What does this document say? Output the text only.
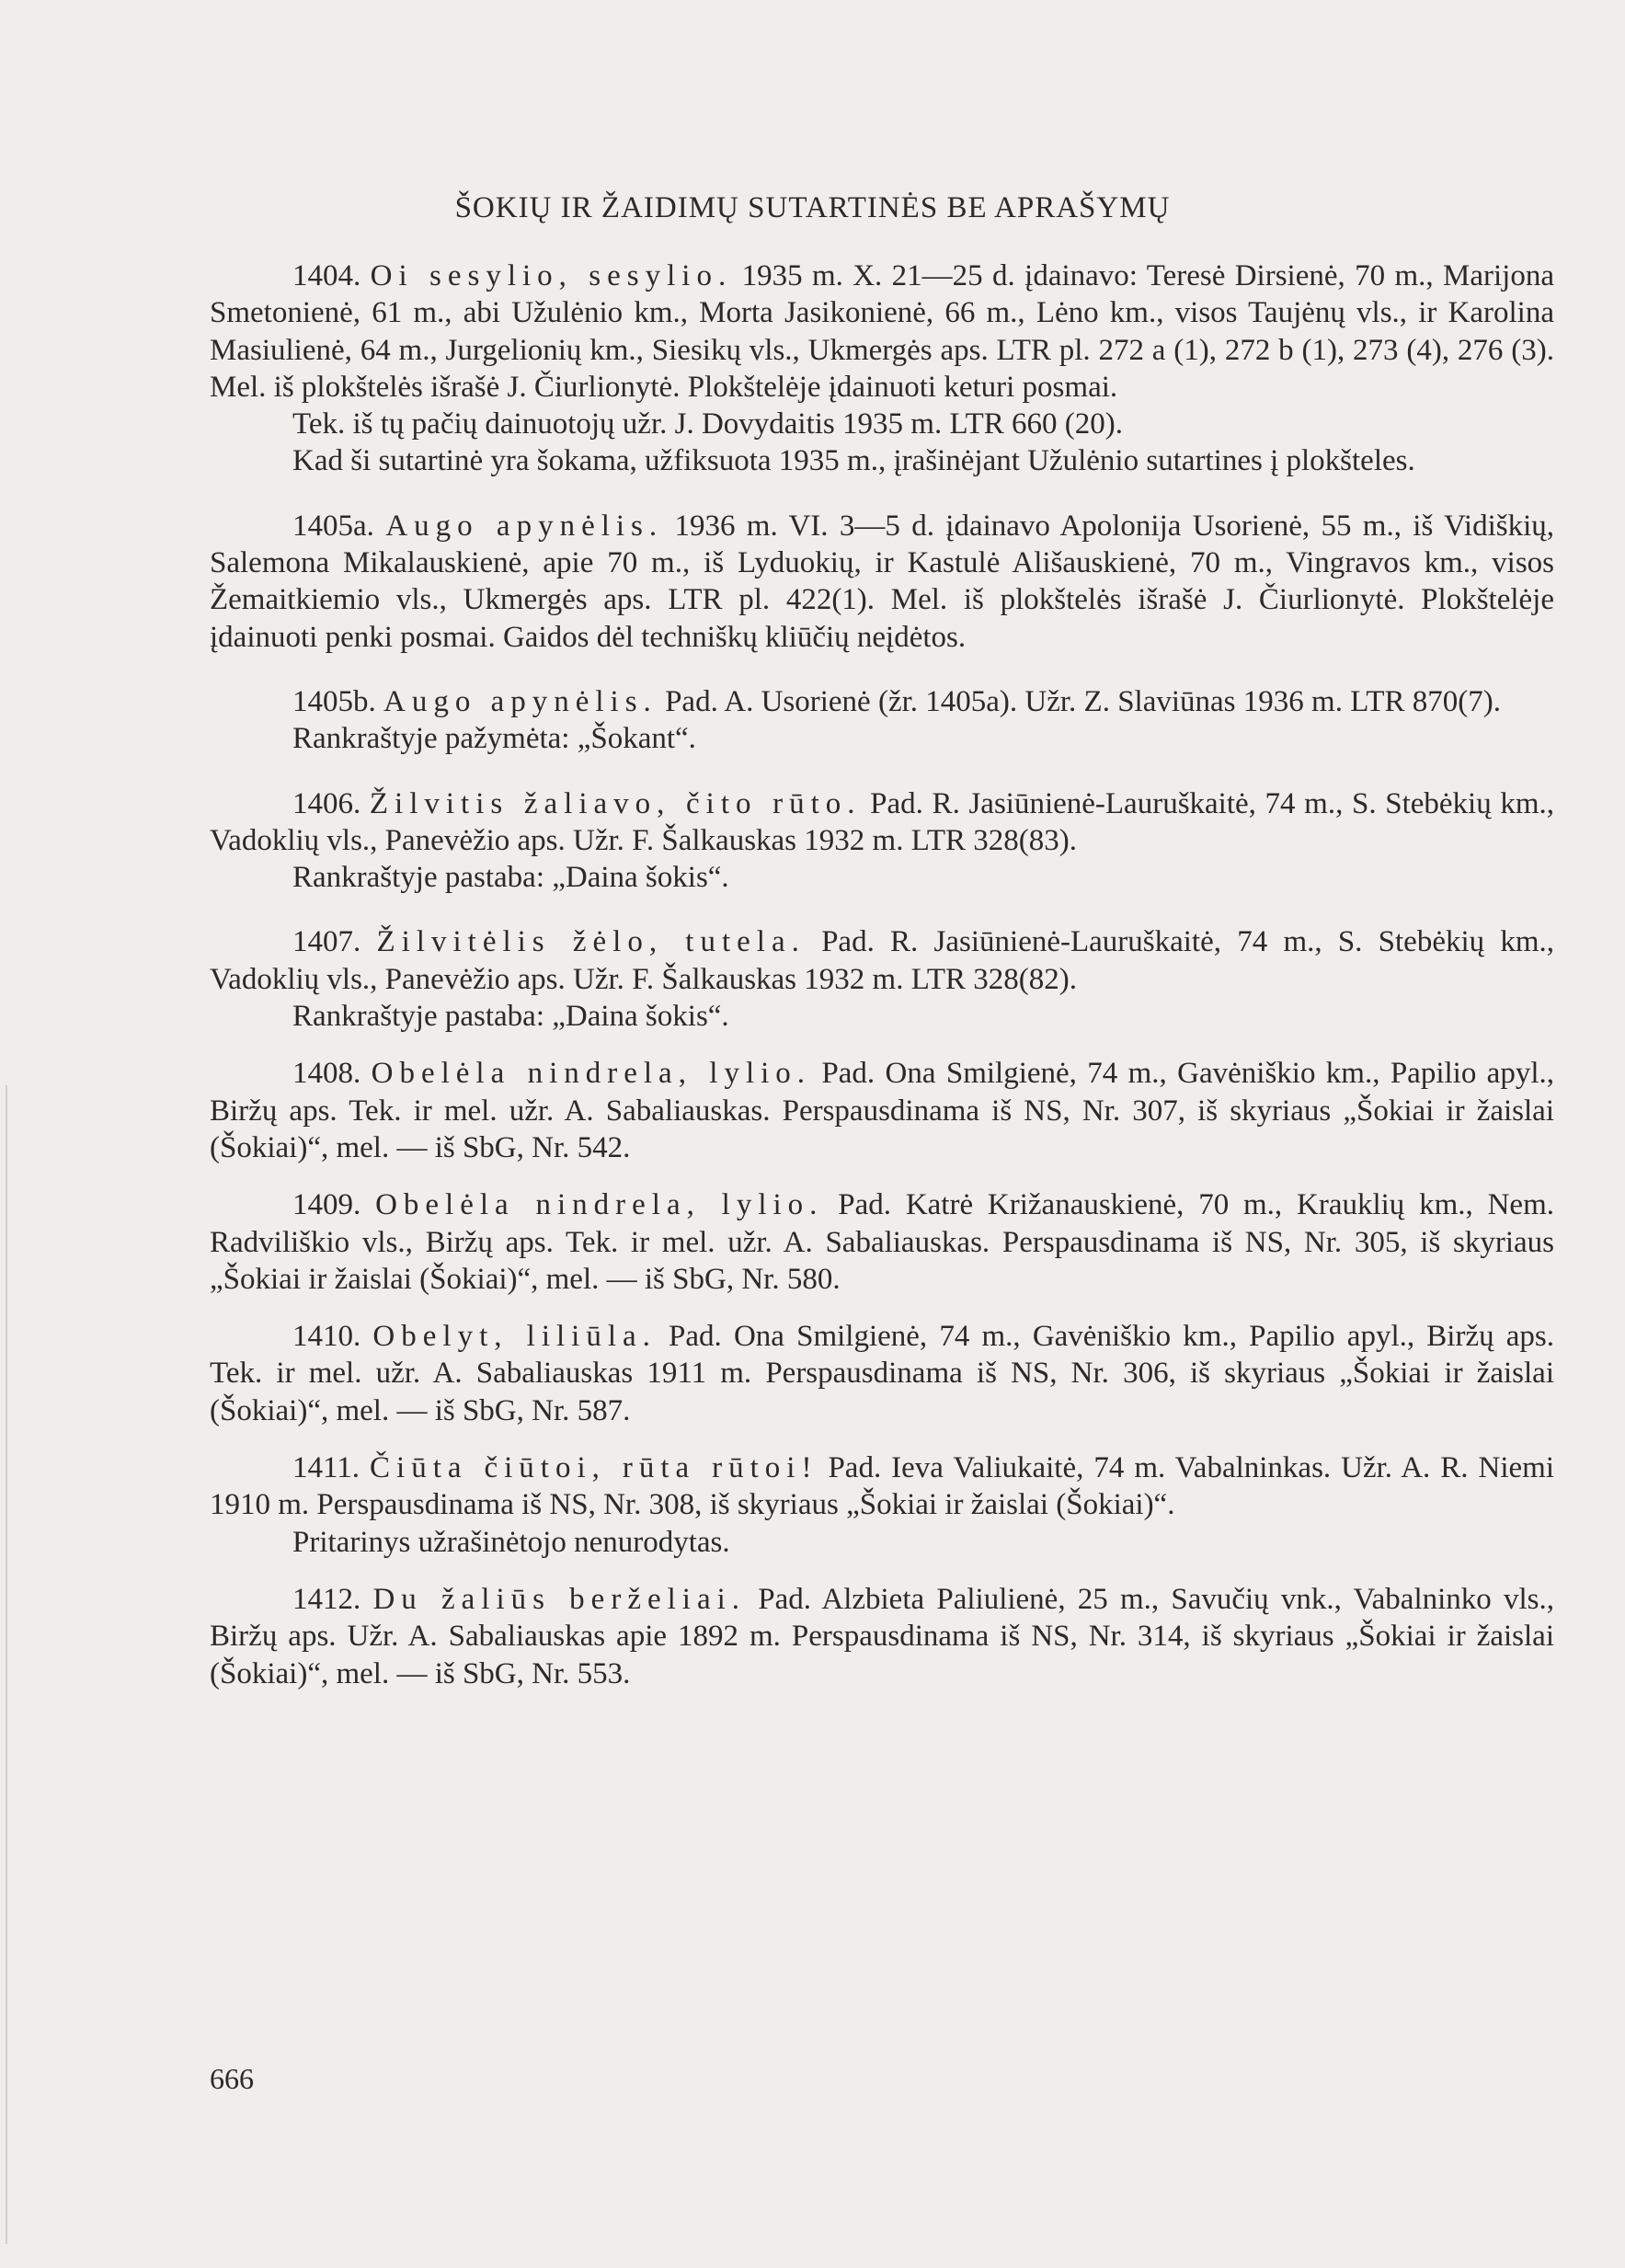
ŠOKIŲ IR ŽAIDIMŲ SUTARTINĖS BE APRAŠYMŲ

1404. Oi sesylio, sesylio. 1935 m. X. 21—25 d. įdainavo: Teresė Dirsienė, 70 m., Marijona Smetonienė, 61 m., abi Užulėnio km., Morta Jasikonienė, 66 m., Lėno km., visos Taujėnų vls., ir Karolina Masiulienė, 64 m., Jurgelionių km., Siesikų vls., Ukmergės aps. LTR pl. 272 a (1), 272 b (1), 273 (4), 276 (3). Mel. iš plokštelės išrašė J. Čiurlionytė. Plokštelėje įdainuoti keturi posmai.

Tek. iš tų pačių dainuotojų užr. J. Dovydaitis 1935 m. LTR 660 (20).

Kad ši sutartinė yra šokama, užfiksuota 1935 m., įrašinėjant Užulėnio sutartines į plokšteles.

1405a. Augo apynėlis. 1936 m. VI. 3—5 d. įdainavo Apolonija Usorienė, 55 m., iš Vidiškių, Salemona Mikalauskienė, apie 70 m., iš Lyduokių, ir Kastulė Ališauskienė, 70 m., Vingravos km., visos Žemaitkiemio vls., Ukmergės aps. LTR pl. 422(1). Mel. iš plokštelės išrašė J. Čiurlionytė. Plokštelėje įdainuoti penki posmai. Gaidos dėl techniškų kliūčių neįdėtos.

1405b. Augo apynėlis. Pad. A. Usorienė (žr. 1405a). Užr. Z. Slaviūnas 1936 m. LTR 870(7).

Rankraštyje pažymėta: „Šokant“.

1406. Žilvitis žaliavo, čito rūto. Pad. R. Jasiūnienė-Lauruškaitė, 74 m., S. Stebėkių km., Vadoklių vls., Panevėžio aps. Užr. F. Šalkauskas 1932 m. LTR 328(83).

Rankraštyje pastaba: „Daina šokis“.

1407. Žilvitėlis žėlo, tutela. Pad. R. Jasiūnienė-Lauruškaitė, 74 m., S. Stebėkių km., Vadoklių vls., Panevėžio aps. Užr. F. Šalkauskas 1932 m. LTR 328(82).

Rankraštyje pastaba: „Daina šokis“.

1408. Obelėla nindrela, lylio. Pad. Ona Smilgienė, 74 m., Gavėniškio km., Papilio apyl., Biržų aps. Tek. ir mel. užr. A. Sabaliauskas. Perspausdinama iš NS, Nr. 307, iš skyriaus „Šokiai ir žaislai (Šokiai)“, mel. — iš SbG, Nr. 542.

1409. Obelėla nindrela, lylio. Pad. Katrė Križanauskienė, 70 m., Krauklių km., Nem. Radviliškio vls., Biržų aps. Tek. ir mel. užr. A. Sabaliauskas. Perspausdinama iš NS, Nr. 305, iš skyriaus „Šokiai ir žaislai (Šokiai)“, mel. — iš SbG, Nr. 580.

1410. Obelyt, liliūla. Pad. Ona Smilgienė, 74 m., Gavėniškio km., Papilio apyl., Biržų aps. Tek. ir mel. užr. A. Sabaliauskas 1911 m. Perspausdinama iš NS, Nr. 306, iš skyriaus „Šokiai ir žaislai (Šokiai)“, mel. — iš SbG, Nr. 587.

1411. Čiūta čiūtoi, rūta rūtoi! Pad. Ieva Valiukaitė, 74 m. Vabalninkas. Užr. A. R. Niemi 1910 m. Perspausdinama iš NS, Nr. 308, iš skyriaus „Šokiai ir žaislai (Šokiai)“.

Pritarinys užrašinėtojo nenurodytas.

1412. Du žaliūs berželiai. Pad. Alzbieta Paliulienė, 25 m., Savučių vnk., Vabalninko vls., Biržų aps. Užr. A. Sabaliauskas apie 1892 m. Perspausdinama iš NS, Nr. 314, iš skyriaus „Šokiai ir žaislai (Šokiai)“, mel. — iš SbG, Nr. 553.

666
